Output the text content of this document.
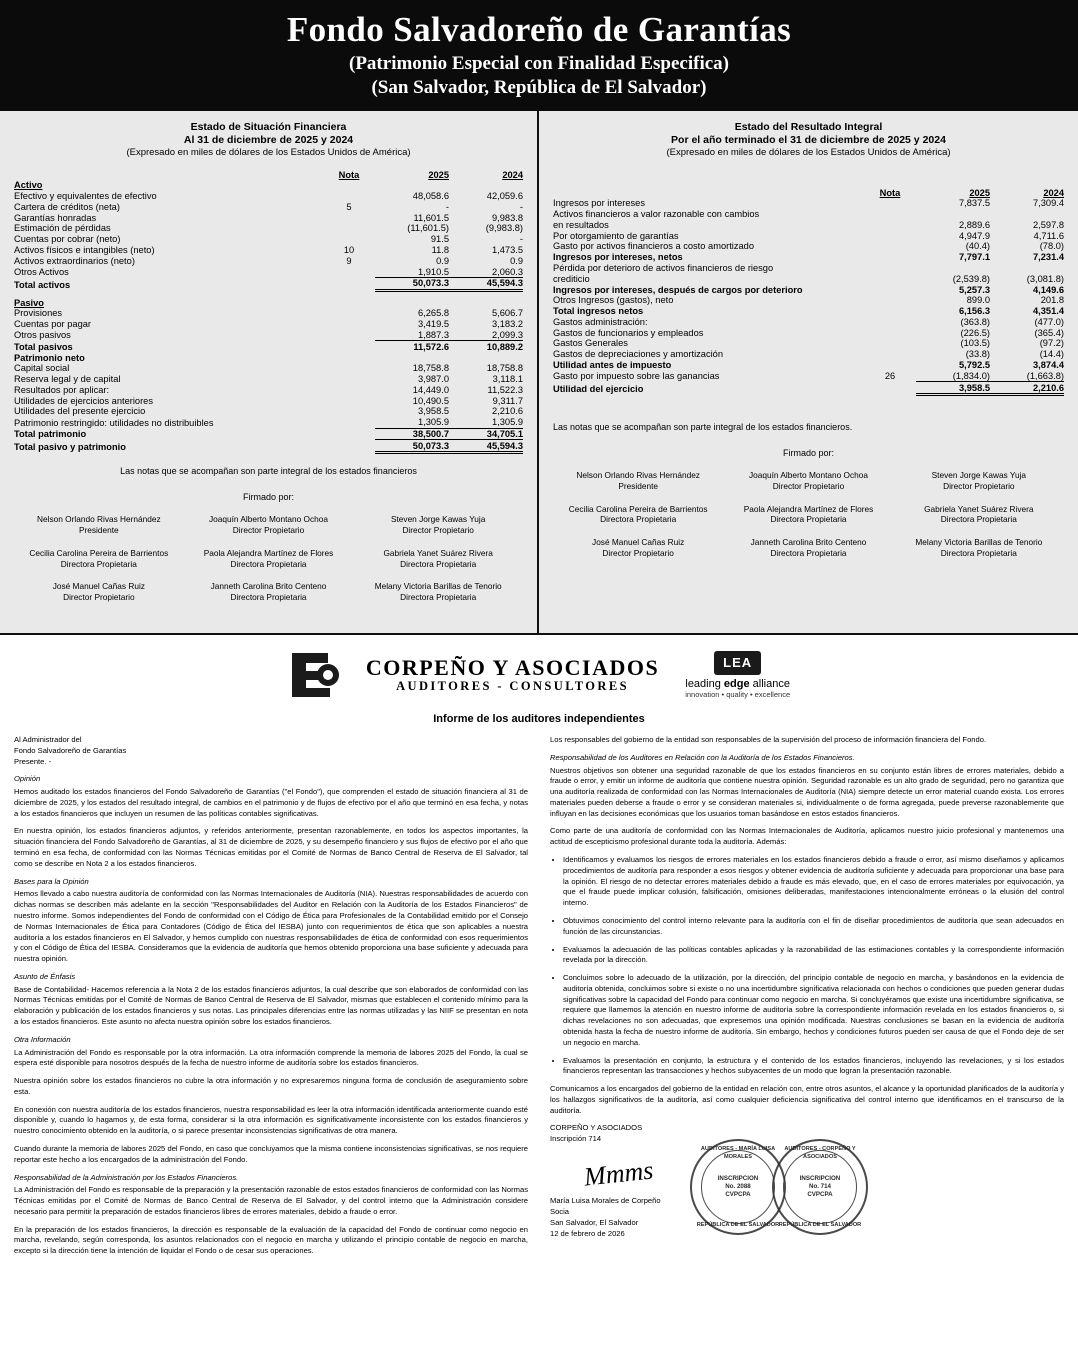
Fondo Salvadoreño de Garantías
(Patrimonio Especial con Finalidad Especifica)
(San Salvador, República de El Salvador)
Estado de Situación Financiera
Al 31 de diciembre de 2025 y 2024
(Expresado en miles de dólares de los Estados Unidos de América)
	Nota	2025	2024
Activo			
Efectivo y equivalentes de efectivo		48,058.6	42,059.6
Cartera de créditos (neta)	5	-	-
Garantías honradas		11,601.5	9,983.8
Estimación de pérdidas		(11,601.5)	(9,983.8)
Cuentas por cobrar (neto)		91.5	-
Activos físicos e intangibles (neto)	10	11.8	1,473.5
Activos extraordinarios (neto)	9	0.9	0.9
Otros Activos		1,910.5	2,060.3
Total activos		50,073.3	45,594.3

Pasivo			
Provisiones		6,265.8	5,606.7
Cuentas por pagar		3,419.5	3,183.2
Otros pasivos		1,887.3	2,099.3
Total pasivos		11,572.6	10,889.2
Patrimonio neto			
Capital social		18,758.8	18,758.8
Reserva legal y de capital		3,987.0	3,118.1
Resultados por aplicar:		14,449.0	11,522.3
Utilidades de ejercicios anteriores		10,490.5	9,311.7
Utilidades del presente ejercicio		3,958.5	2,210.6
Patrimonio restringido: utilidades no distribuibles		1,305.9	1,305.9
Total patrimonio		38,500.7	34,705.1
Total pasivo y patrimonio		50,073.3	45,594.3
Las notas que se acompañan son parte integral de los estados financieros
Firmado por:
Nelson Orlando Rivas Hernández
Presidente
Joaquín Alberto Montano Ochoa
Director Propietario
Steven Jorge Kawas Yuja
Director Propietario
Cecilia Carolina Pereira de Barrientos
Directora Propietaria
Paola Alejandra Martínez de Flores
Directora Propietaria
Gabriela Yanet Suárez Rivera
Directora Propietaria
José Manuel Cañas Ruiz
Director Propietario
Janneth Carolina Brito Centeno
Directora Propietaria
Melany Victoria Barillas de Tenorio
Directora Propietaria
Estado del Resultado Integral
Por el año terminado el 31 de diciembre de 2025 y 2024
(Expresado en miles de dólares de los Estados Unidos de América)
	Nota	2025	2024
Ingresos por intereses		7,837.5	7,309.4
Activos financieros a valor razonable con cambios			
en resultados		2,889.6	2,597.8
Por otorgamiento de garantías		4,947.9	4,711.6
Gasto por activos financieros a costo amortizado		(40.4)	(78.0)
Ingresos por intereses, netos		7,797.1	7,231.4
Pérdida por deterioro de activos financieros de riesgo			
crediticio		(2,539.8)	(3,081.8)
Ingresos por intereses, después de cargos por deterioro		5,257.3	4,149.6
Otros Ingresos (gastos), neto		899.0	201.8
Total ingresos netos		6,156.3	4,351.4
Gastos administración:		(363.8)	(477.0)
Gastos de funcionarios y empleados		(226.5)	(365.4)
Gastos Generales		(103.5)	(97.2)
Gastos de depreciaciones y amortización		(33.8)	(14.4)
Utilidad antes de impuesto		5,792.5	3,874.4
Gasto por impuesto sobre las ganancias	26	(1,834.0)	(1,663.8)
Utilidad del ejercicio		3,958.5	2,210.6
Las notas que se acompañan son parte integral de los estados financieros.
Firmado por:
Nelson Orlando Rivas Hernández
Presidente
Joaquín Alberto Montano Ochoa
Director Propietario
Steven Jorge Kawas Yuja
Director Propietario
Cecilia Carolina Pereira de Barrientos
Directora Propietaria
Paola Alejandra Martínez de Flores
Directora Propietaria
Gabriela Yanet Suárez Rivera
Directora Propietaria
José Manuel Cañas Ruiz
Director Propietario
Janneth Carolina Brito Centeno
Directora Propietaria
Melany Victoria Barillas de Tenorio
Directora Propietaria
CORPEÑO Y ASOCIADOS
AUDITORES - CONSULTORES
LEA
leading edge alliance
innovation • quality • excellence
Informe de los auditores independientes

Al Administrador del
Fondo Salvadoreño de Garantías
Presente. -

Opinión

Hemos auditado los estados financieros del Fondo Salvadoreño de Garantías ("el Fondo"), que comprenden el estado de situación financiera al 31 de diciembre de 2025, y los estados del resultado integral, de cambios en el patrimonio y de flujos de efectivo por el año que terminó en esa fecha, y notas a los estados financieros que incluyen un resumen de las políticas contables significativas.

En nuestra opinión, los estados financieros adjuntos, y referidos anteriormente, presentan razonablemente, en todos los aspectos importantes, la situación financiera del Fondo Salvadoreño de Garantías, al 31 de diciembre de 2025, y su desempeño financiero y sus flujos de efectivo por el año que terminó en esa fecha, de conformidad con las Normas Técnicas emitidas por el Comité de Normas de Banco Central de Reserva de El Salvador, tal como se describe en Nota 2 a los estados financieros.

Bases para la Opinión

Hemos llevado a cabo nuestra auditoría de conformidad con las Normas Internacionales de Auditoría (NIA). Nuestras responsabilidades de acuerdo con dichas normas se describen más adelante en la sección "Responsabilidades del Auditor en Relación con la Auditoría de los Estados Financieros" de nuestro informe. Somos independientes del Fondo de conformidad con el Código de Ética para Profesionales de la Contabilidad emitido por el Consejo de Normas Internacionales de Ética para Contadores (Código de Ética del IESBA) junto con requerimientos de ética que son aplicables a nuestra auditoría a los estados financieros en El Salvador, y hemos cumplido con nuestras responsabilidades de ética de conformidad con esos requerimientos y con el Código de Ética del IESBA. Consideramos que la evidencia de auditoría que hemos obtenido proporciona una base suficiente y adecuada para nuestra opinión.

Asunto de Énfasis

Base de Contabilidad- Hacemos referencia a la Nota 2 de los estados financieros adjuntos, la cual describe que son elaborados de conformidad con las Normas Técnicas emitidas por el Comité de Normas de Banco Central de Reserva de El Salvador, mismas que establecen el contenido mínimo para la elaboración y publicación de los estados financieros y sus notas. Las principales diferencias entre las normas utilizadas y las NIIF se presentan en nota a los estados financieros. Este asunto no afecta nuestra opinión sobre los estados financieros.

Otra Información

La Administración del Fondo es responsable por la otra información. La otra información comprende la memoria de labores 2025 del Fondo, la cual se espera esté disponible para nosotros después de la fecha de nuestro informe de auditoría sobre los estados financieros.

Nuestra opinión sobre los estados financieros no cubre la otra información y no expresaremos ninguna forma de conclusión de aseguramiento sobre esta.

En conexión con nuestra auditoría de los estados financieros, nuestra responsabilidad es leer la otra información identificada anteriormente cuando esté disponible y, cuando lo hagamos y, de esta forma, considerar si la otra información es significativamente inconsistente con los estados financieros y nuestro conocimiento obtenido en la auditoría, o si parece presentar inconsistencias significativas de otra manera.

Cuando durante la memoria de labores 2025 del Fondo, en caso que concluyamos que la misma contiene inconsistencias significativas, se nos requiere reportar este hecho a los encargados de la administración del Fondo.

Responsabilidad de la Administración por los Estados Financieros.

La Administración del Fondo es responsable de la preparación y la presentación razonable de estos estados financieros de conformidad con las Normas Técnicas emitidas por el Comité de Normas de Banco Central de Reserva de El Salvador, y del control interno que la Administración considere necesario para permitir la preparación de estados financieros libres de errores materiales, debido a fraude o error.

En la preparación de los estados financieros, la dirección es responsable de la evaluación de la capacidad del Fondo de continuar como negocio en marcha, revelando, según corresponda, los asuntos relacionados con el negocio en marcha y utilizando el principio contable de negocio en marcha, excepto si la dirección tiene la intención de liquidar el Fondo o de cesar sus operaciones.

Los responsables del gobierno de la entidad son responsables de la supervisión del proceso de información financiera del Fondo.

Responsabilidad de los Auditores en Relación con la Auditoría de los Estados Financieros.

Nuestros objetivos son obtener una seguridad razonable de que los estados financieros en su conjunto están libres de errores materiales, debido a fraude o error, y emitir un informe de auditoría que contiene nuestra opinión. Seguridad razonable es un alto grado de seguridad, pero no garantiza que una auditoría realizada de conformidad con las Normas Internacionales de Auditoría (NIA) siempre detecte un error material cuando exista. Los errores materiales pueden deberse a fraude o error y se consideran materiales si, individualmente o de forma agregada, puede preverse razonablemente que influyan en las decisiones económicas que los usuarios toman basándose en estos estados financieros.

Como parte de una auditoría de conformidad con las Normas Internacionales de Auditoría, aplicamos nuestro juicio profesional y mantenemos una actitud de escepticismo profesional durante toda la auditoría. Además:

• Identificamos y evaluamos los riesgos de errores materiales en los estados financieros debido a fraude o error, así mismo diseñamos y aplicamos procedimientos de auditoría para responder a esos riesgos y obtener evidencia de auditoría suficiente y adecuada para proporcionar una base para la opinión. El riesgo de no detectar errores materiales debido a fraude es más elevado, que, en el caso de errores materiales por equivocación, ya que el fraude puede implicar colusión, falsificación, omisiones deliberadas, manifestaciones intencionalmente erróneas o la elusión del control interno.
• Obtuvimos conocimiento del control interno relevante para la auditoría con el fin de diseñar procedimientos de auditoría que sean adecuados en función de las circunstancias.
• Evaluamos la adecuación de las políticas contables aplicadas y la razonabilidad de las estimaciones contables y la correspondiente información revelada por la dirección.
• Concluimos sobre lo adecuado de la utilización, por la dirección, del principio contable de negocio en marcha, y basándonos en la evidencia de auditoría obtenida, concluimos sobre si existe o no una incertidumbre significativa relacionada con hechos o condiciones que pueden generar dudas significativas sobre la capacidad del Fondo para continuar como negocio en marcha. Si concluyéramos que existe una incertidumbre significativa, se requiere que llamemos la atención en nuestro informe de auditoría sobre la correspondiente información revelada en los estados financieros o, si dichas revelaciones no son adecuadas, que expresemos una opinión modificada. Nuestras conclusiones se basan en la evidencia de auditoría obtenida hasta la fecha de nuestro informe de auditoría. Sin embargo, hechos y condiciones futuros pueden ser causa de que el Fondo deje de ser un negocio en marcha.
• Evaluamos la presentación en conjunto, la estructura y el contenido de los estados financieros, incluyendo las revelaciones, y si los estados financieros representan las transacciones y hechos subyacentes de un modo que logran la presentación razonable.

Comunicamos a los encargados del gobierno de la entidad en relación con, entre otros asuntos, el alcance y la oportunidad planificados de la auditoría y los hallazgos significativos de la auditoría, así como cualquier deficiencia significativa del control interno que identificamos en el transcurso de la auditoría.

CORPEÑO Y ASOCIADOS
Inscripción 714

Mmms
AUDITORES - MARÍA LUISA MORALES
INSCRIPCION
No. 2088
CVPCPA
REPÚBLICA DE EL SALVADOR
AUDITORES - CORPEÑO Y ASOCIADOS
INSCRIPCION
No. 714
CVPCPA
REPÚBLICA DE EL SALVADOR
María Luisa Morales de Corpeño
Socia
San Salvador, El Salvador
12 de febrero de 2026
